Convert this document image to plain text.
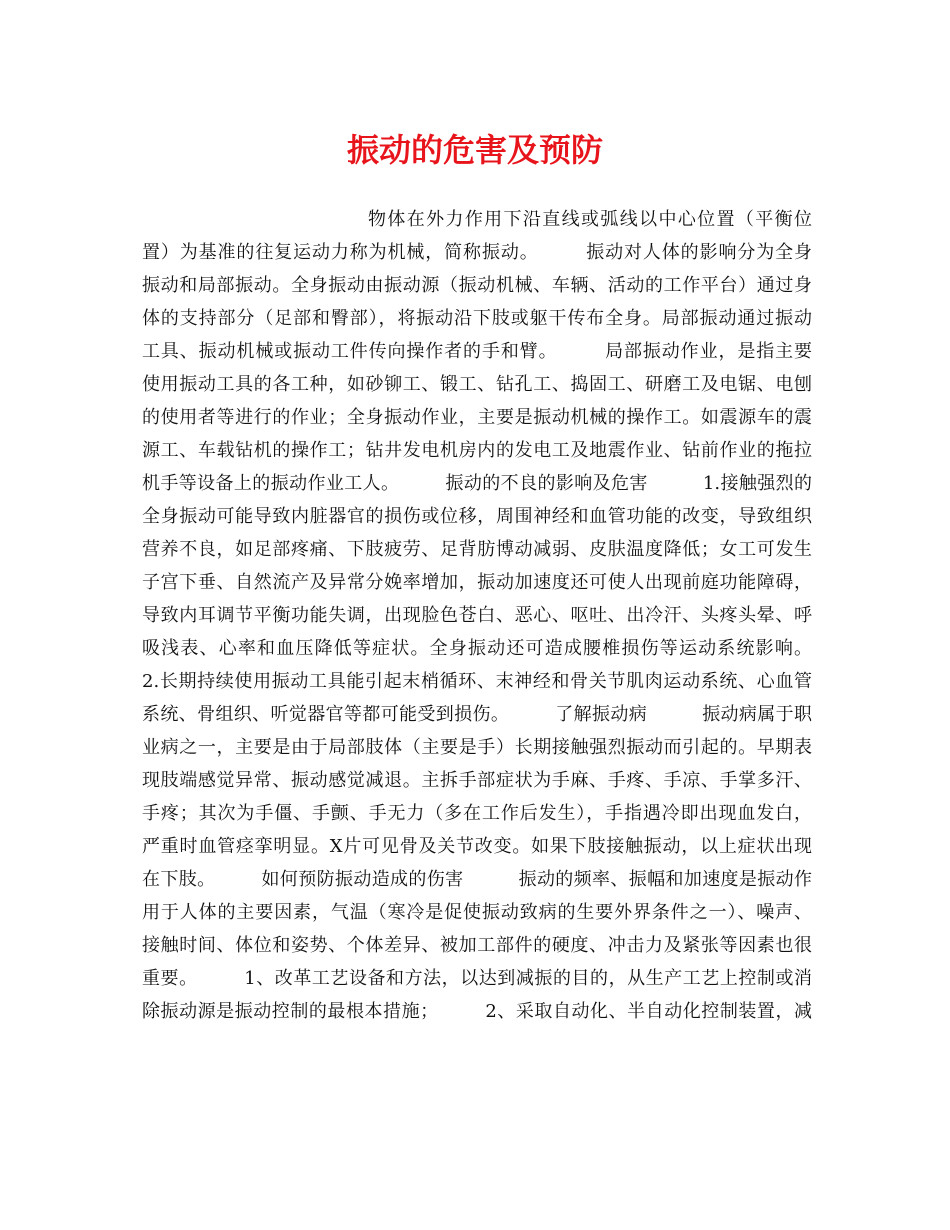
振动的危害及预防
物体在外力作用下沿直线或弧线以中心位置（平衡位
置）为基准的往复运动力称为机械，简称振动。　　　振动对人体的影响分为全身
振动和局部振动。全身振动由振动源（振动机械、车辆、活动的工作平台）通过身
体的支持部分（足部和臀部），将振动沿下肢或躯干传布全身。局部振动通过振动
工具、振动机械或振动工件传向操作者的手和臂。　　　局部振动作业，是指主要
使用振动工具的各工种，如砂铆工、锻工、钻孔工、捣固工、研磨工及电锯、电刨
的使用者等进行的作业；全身振动作业，主要是振动机械的操作工。如震源车的震
源工、车载钻机的操作工；钻井发电机房内的发电工及地震作业、钻前作业的拖拉
机手等设备上的振动作业工人。　　　振动的不良的影响及危害　　　1.接触强烈的
全身振动可能导致内脏器官的损伤或位移，周围神经和血管功能的改变，导致组织
营养不良，如足部疼痛、下肢疲劳、足背肪博动减弱、皮肤温度降低；女工可发生
子宫下垂、自然流产及异常分娩率增加，振动加速度还可使人出现前庭功能障碍，
导致内耳调节平衡功能失调，出现脸色苍白、恶心、呕吐、出冷汗、头疼头晕、呼
吸浅表、心率和血压降低等症状。全身振动还可造成腰椎损伤等运动系统影响。
2.长期持续使用振动工具能引起末梢循环、末神经和骨关节肌肉运动系统、心血管
系统、骨组织、听觉器官等都可能受到损伤。　　　了解振动病　　　振动病属于职
业病之一，主要是由于局部肢体（主要是手）长期接触强烈振动而引起的。早期表
现肢端感觉异常、振动感觉减退。主拆手部症状为手麻、手疼、手凉、手掌多汗、
手疼；其次为手僵、手颤、手无力（多在工作后发生），手指遇冷即出现血发白，
严重时血管痉挛明显。X片可见骨及关节改变。如果下肢接触振动，以上症状出现
在下肢。　　　如何预防振动造成的伤害　　　振动的频率、振幅和加速度是振动作
用于人体的主要因素，气温（寒冷是促使振动致病的生要外界条件之一）、噪声、
接触时间、体位和姿势、个体差异、被加工部件的硬度、冲击力及紧张等因素也很
重要。　　　1、改革工艺设备和方法，以达到减振的目的，从生产工艺上控制或消
除振动源是振动控制的最根本措施；　　　2、采取自动化、半自动化控制装置，减
